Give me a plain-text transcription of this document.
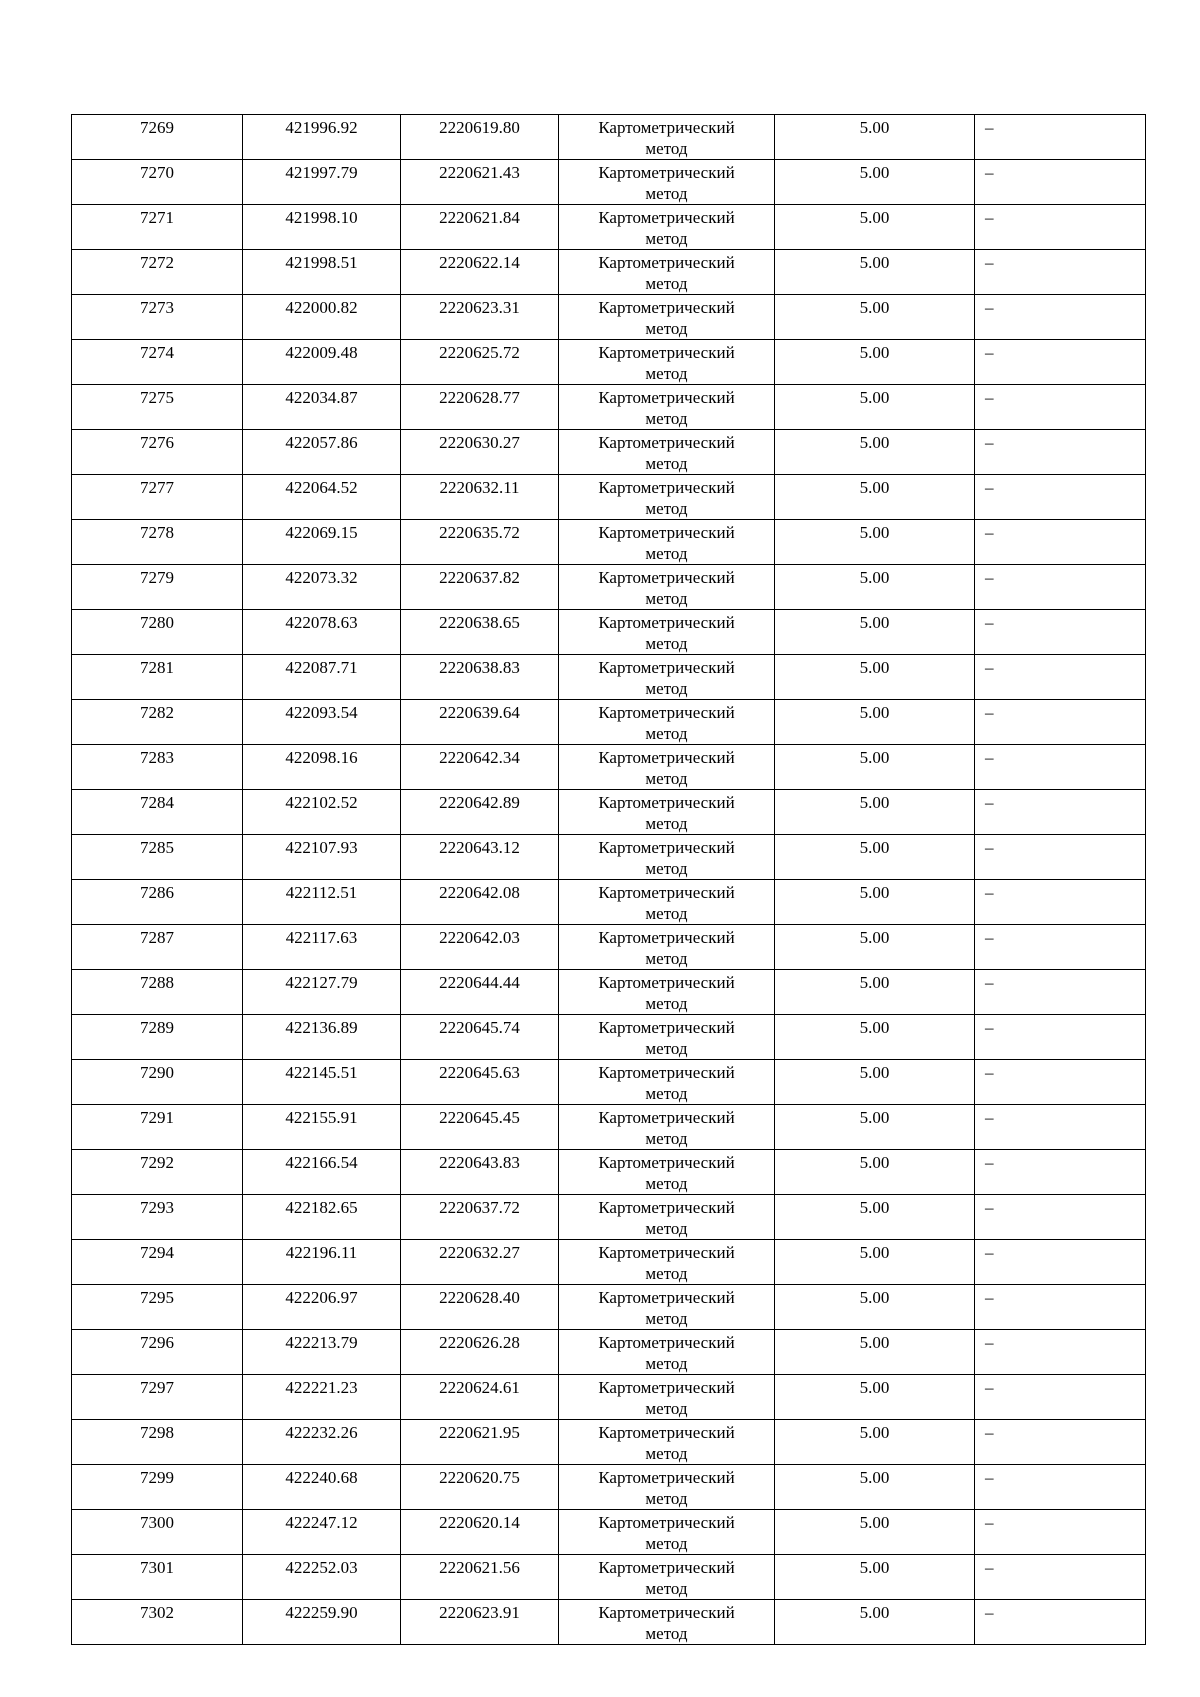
7269	421996.92	2220619.80	Картометрический метод	5.00	–
7270	421997.79	2220621.43	Картометрический метод	5.00	–
7271	421998.10	2220621.84	Картометрический метод	5.00	–
7272	421998.51	2220622.14	Картометрический метод	5.00	–
7273	422000.82	2220623.31	Картометрический метод	5.00	–
7274	422009.48	2220625.72	Картометрический метод	5.00	–
7275	422034.87	2220628.77	Картометрический метод	5.00	–
7276	422057.86	2220630.27	Картометрический метод	5.00	–
7277	422064.52	2220632.11	Картометрический метод	5.00	–
7278	422069.15	2220635.72	Картометрический метод	5.00	–
7279	422073.32	2220637.82	Картометрический метод	5.00	–
7280	422078.63	2220638.65	Картометрический метод	5.00	–
7281	422087.71	2220638.83	Картометрический метод	5.00	–
7282	422093.54	2220639.64	Картометрический метод	5.00	–
7283	422098.16	2220642.34	Картометрический метод	5.00	–
7284	422102.52	2220642.89	Картометрический метод	5.00	–
7285	422107.93	2220643.12	Картометрический метод	5.00	–
7286	422112.51	2220642.08	Картометрический метод	5.00	–
7287	422117.63	2220642.03	Картометрический метод	5.00	–
7288	422127.79	2220644.44	Картометрический метод	5.00	–
7289	422136.89	2220645.74	Картометрический метод	5.00	–
7290	422145.51	2220645.63	Картометрический метод	5.00	–
7291	422155.91	2220645.45	Картометрический метод	5.00	–
7292	422166.54	2220643.83	Картометрический метод	5.00	–
7293	422182.65	2220637.72	Картометрический метод	5.00	–
7294	422196.11	2220632.27	Картометрический метод	5.00	–
7295	422206.97	2220628.40	Картометрический метод	5.00	–
7296	422213.79	2220626.28	Картометрический метод	5.00	–
7297	422221.23	2220624.61	Картометрический метод	5.00	–
7298	422232.26	2220621.95	Картометрический метод	5.00	–
7299	422240.68	2220620.75	Картометрический метод	5.00	–
7300	422247.12	2220620.14	Картометрический метод	5.00	–
7301	422252.03	2220621.56	Картометрический метод	5.00	–
7302	422259.90	2220623.91	Картометрический метод	5.00	–
